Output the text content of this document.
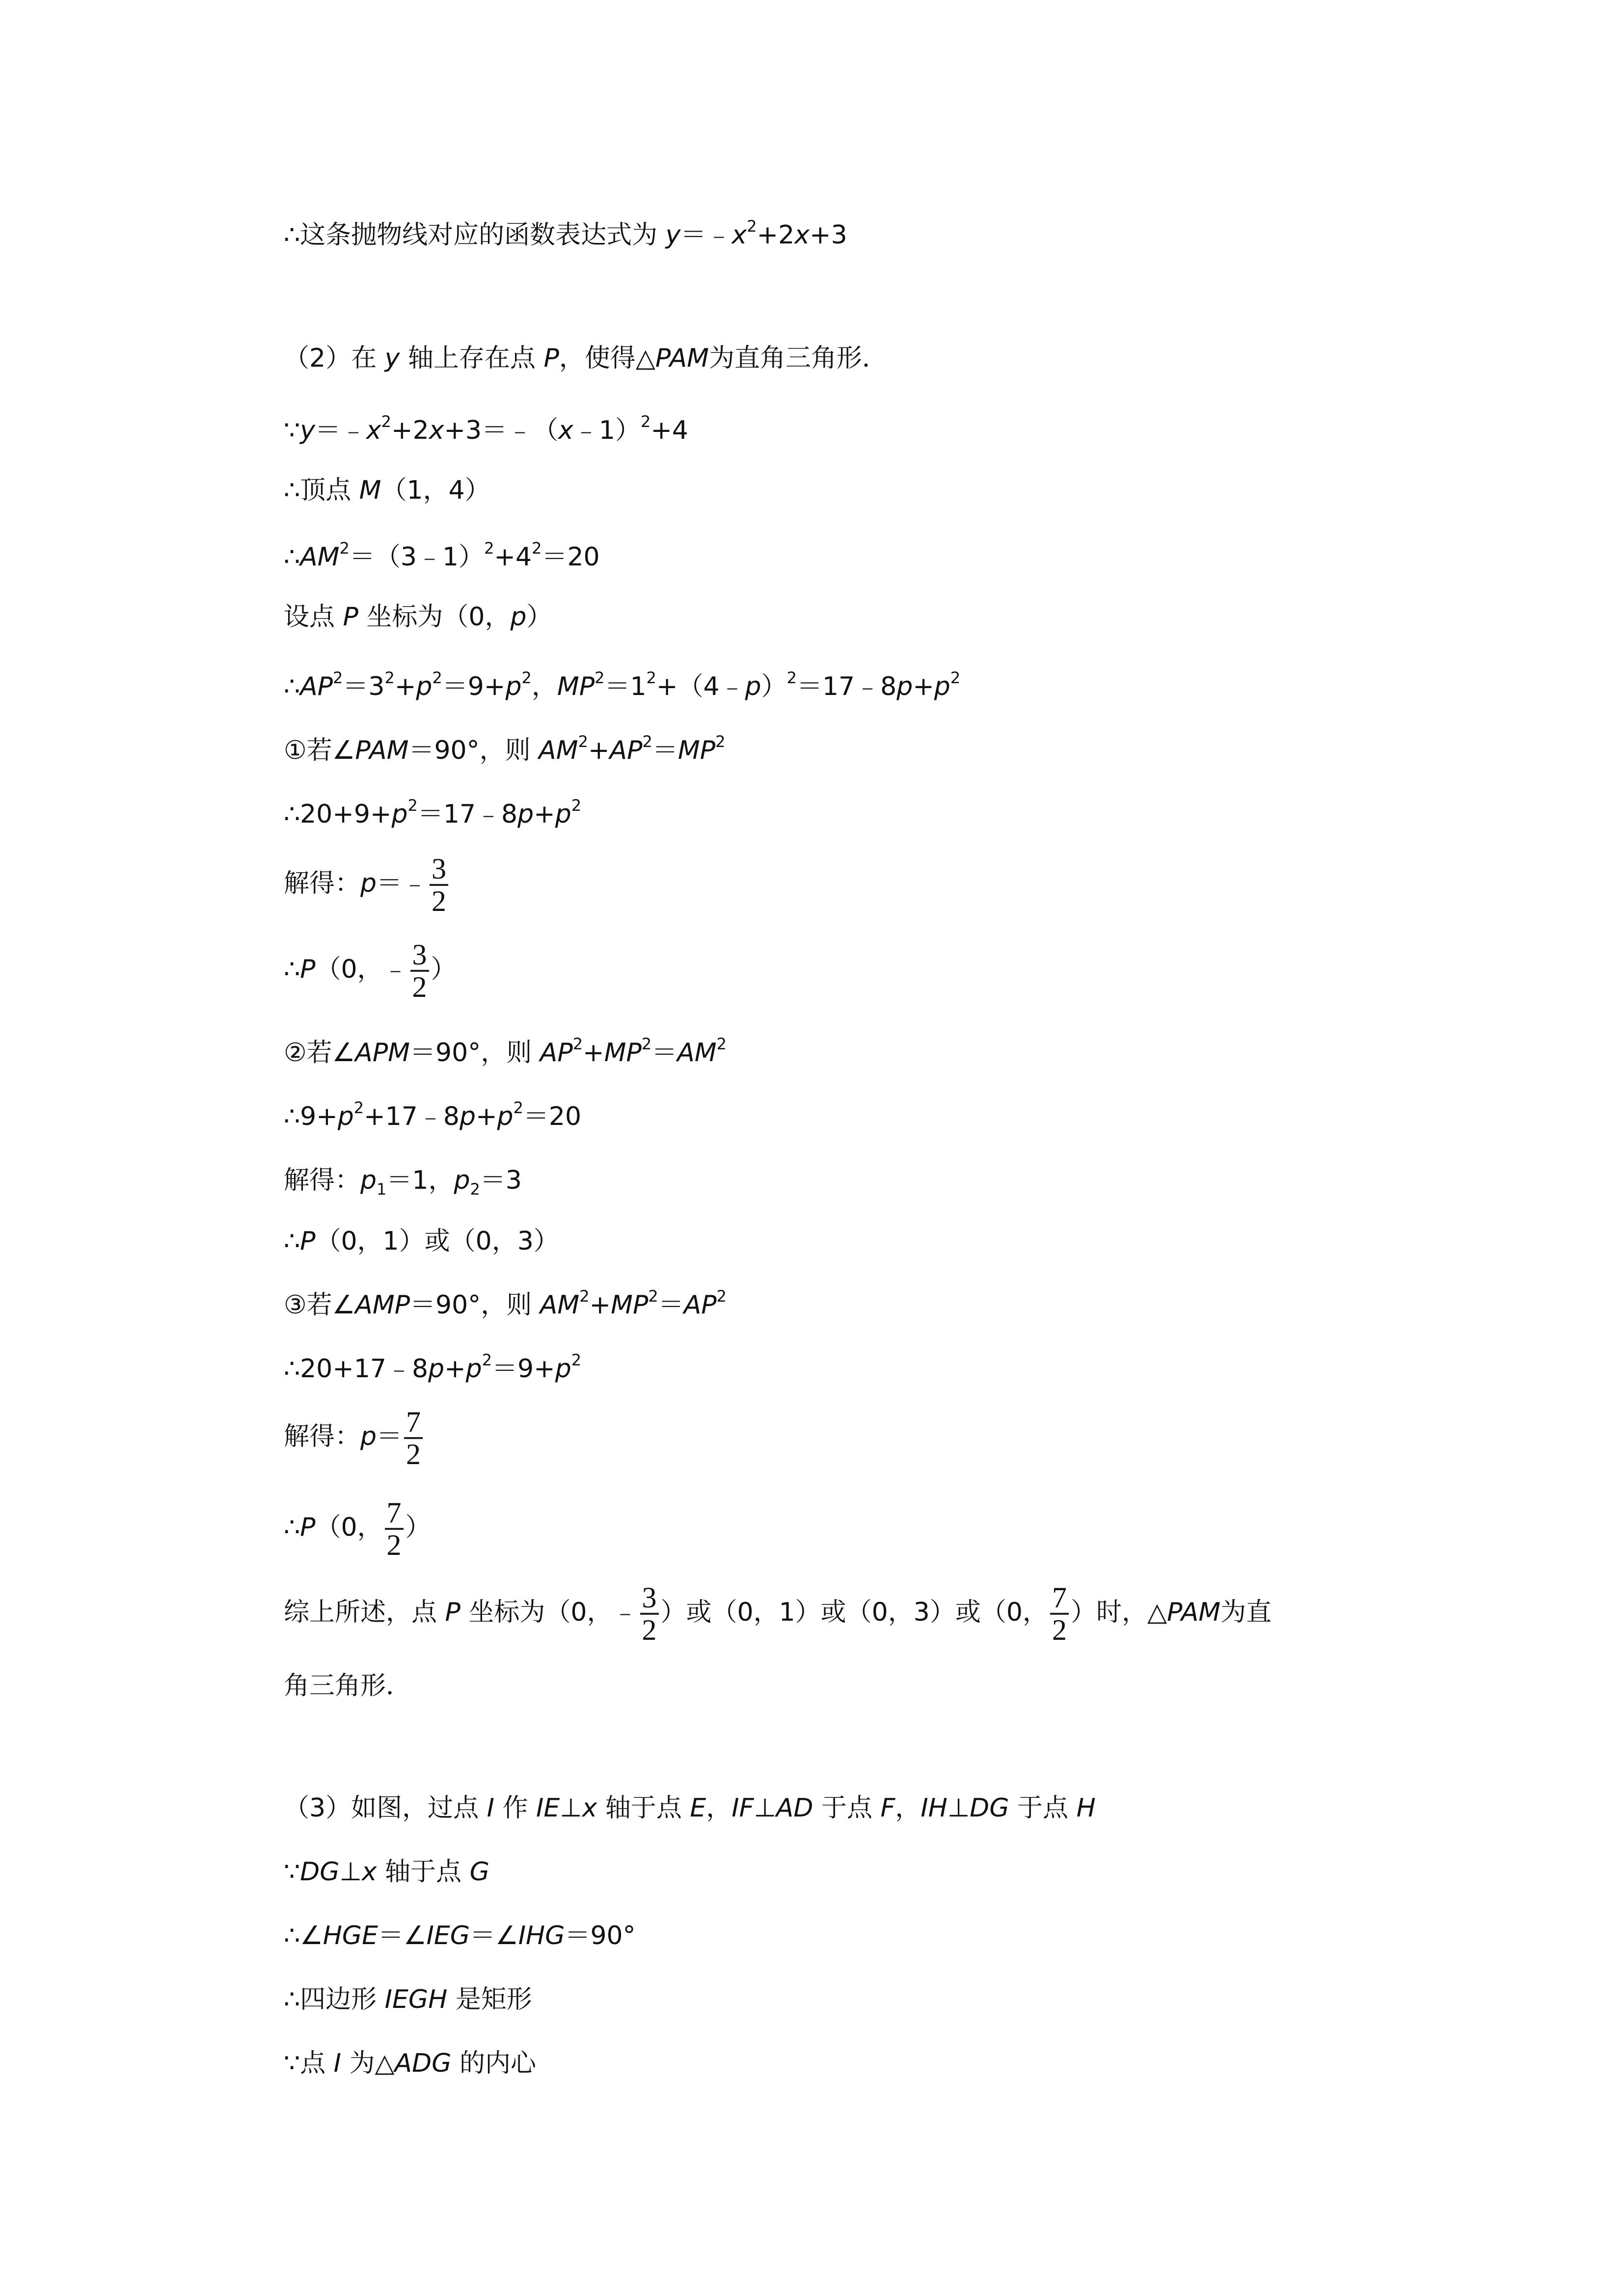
∴这条抛物线对应的函数表达式为 $y=﹣x^2+2x+3$
（2）在 y 轴上存在点 P，使得△PAM为直角三角形．
$\because y=﹣x^2+2x+3=﹣(x﹣1)^2+4$
∴顶点 M（1，4）
$\therefore AM^2=(3﹣1)^2+4^2=20$
设点 P 坐标为（0，p）
$\therefore AP^2=3^2+p^2=9+p^2$，$MP^2=1^2+(4﹣p)^2=17﹣8p+p^2$
①若∠PAM＝90°，则 $AM^2+AP^2=MP^2$
$\therefore 20+9+p^2=17﹣8p+p^2$
解得：p＝﹣ $\frac{3}{2}$
∴P（0，﹣ $\frac{3}{2}$ ）
②若∠APM＝90°，则 $AP^2+MP^2=AM^2$
$\therefore 9+p^2+17﹣8p+p^2=20$
解得：$p_1=1$，$p_2=3$
∴P（0，1）或（0，3）
③若∠AMP＝90°，则 $AM^2+MP^2=AP^2$
$\therefore 20+17﹣8p+p^2=9+p^2$
解得：$p= \frac{7}{2}$
∴P（0， $\frac{7}{2}$ ）
综上所述，点 P 坐标为（0，﹣ $\frac{3}{2}$ ）或（0，1）或（0，3）或（0， $\frac{7}{2}$ ）时，△PAM为直
角三角形．
（3）如图，过点 I 作 IE⊥x 轴于点 E，IF⊥AD 于点 F，IH⊥DG 于点 H
∵DG⊥x 轴于点 G
∴∠HGE＝∠IEG＝∠IHG＝90°
∴四边形 IEGH 是矩形
∵点 I 为△ADG 的内心
